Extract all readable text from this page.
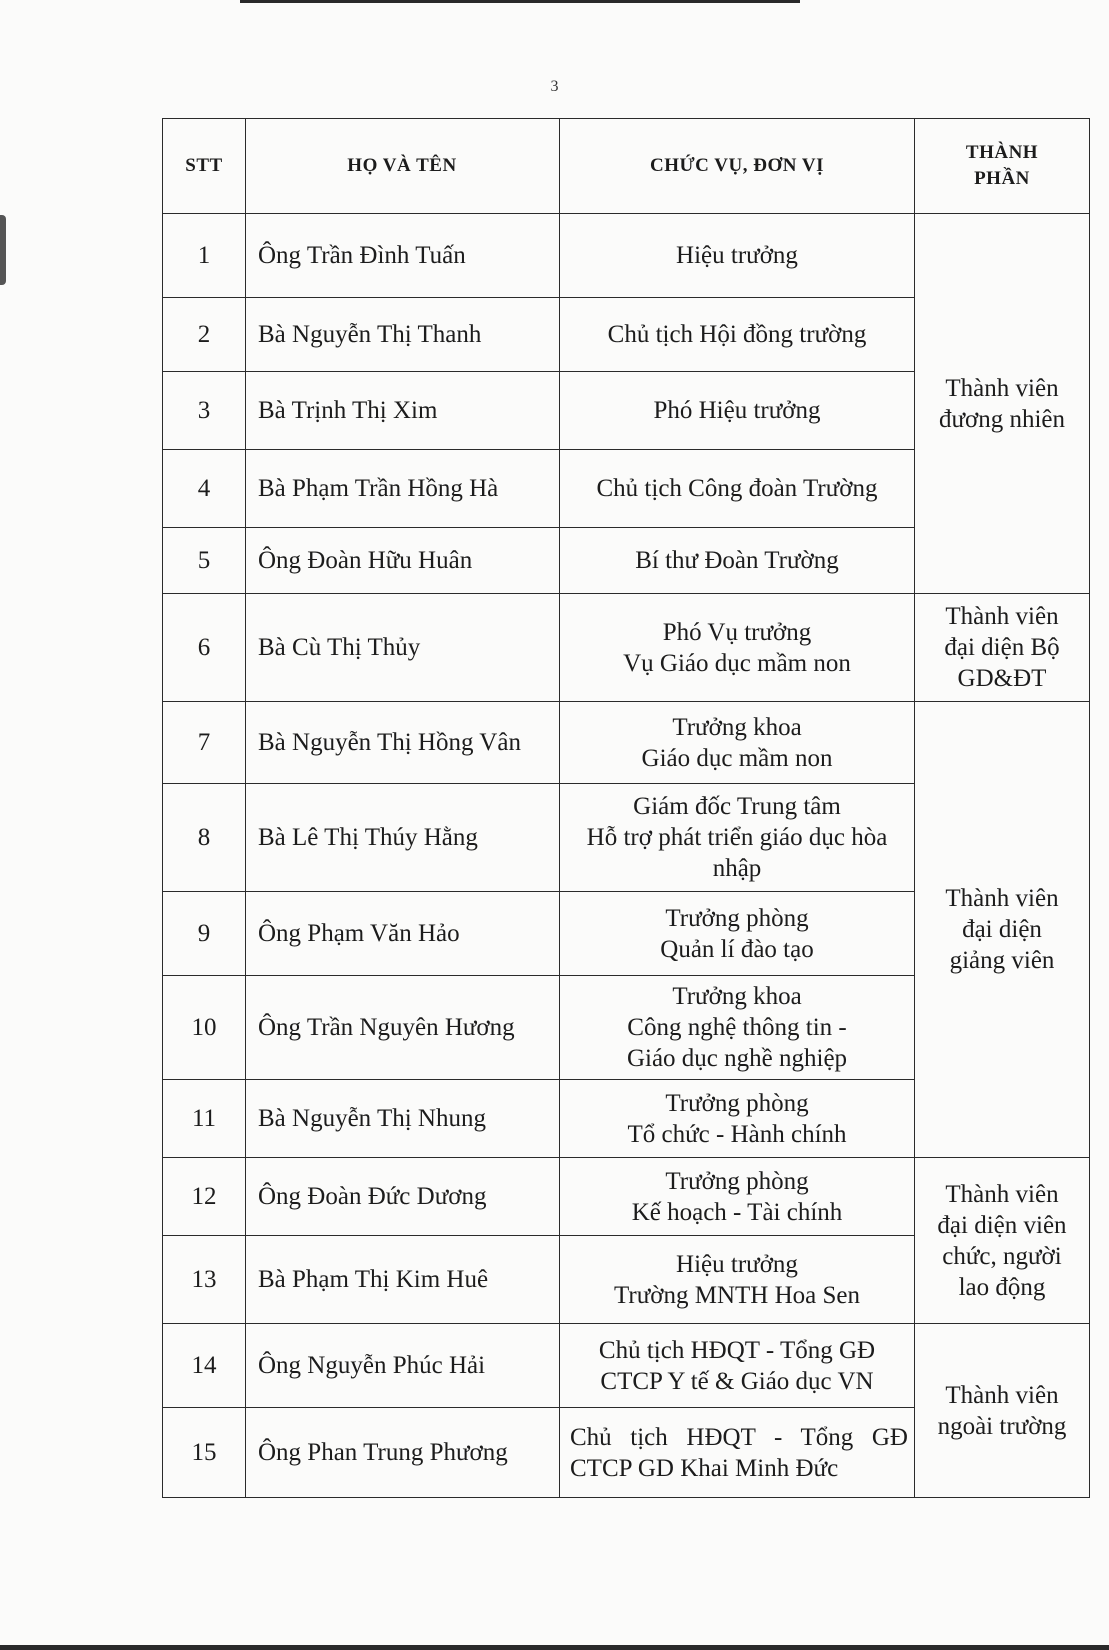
3
STT	HỌ VÀ TÊN	CHỨC VỤ, ĐƠN VỊ	THÀNH
PHẦN

1	Ông Trần Đình Tuấn	Hiệu trưởng	Thành viên
đương nhiên

2	Bà Nguyễn Thị Thanh	Chủ tịch Hội đồng trường	

3	Bà Trịnh Thị Xim	Phó Hiệu trưởng	

4	Bà Phạm Trần Hồng Hà	Chủ tịch Công đoàn Trường	

5	Ông Đoàn Hữu Huân	Bí thư Đoàn Trường	

6	Bà Cù Thị Thủy	Phó Vụ trưởng
Vụ Giáo dục mầm non	Thành viên
đại diện Bộ
GD&ĐT

7	Bà Nguyễn Thị Hồng Vân	Trưởng khoa
Giáo dục mầm non	Thành viên
đại diện
giảng viên

8	Bà Lê Thị Thúy Hằng	Giám đốc Trung tâm
Hỗ trợ phát triển giáo dục hòa
nhập	

9	Ông Phạm Văn Hảo	Trưởng phòng
Quản lí đào tạo	

10	Ông Trần Nguyên Hương	Trưởng khoa
Công nghệ thông tin -
Giáo dục nghề nghiệp	

11	Bà Nguyễn Thị Nhung	Trưởng phòng
Tổ chức - Hành chính	

12	Ông Đoàn Đức Dương	Trưởng phòng
Kế hoạch - Tài chính	Thành viên
đại diện viên
chức, người
lao động

13	Bà Phạm Thị Kim Huê	Hiệu trưởng
Trường MNTH Hoa Sen	

14	Ông Nguyễn Phúc Hải	Chủ tịch HĐQT - Tổng GĐ
CTCP Y tế & Giáo dục VN	Thành viên
ngoài trường

15	Ông Phan Trung Phương	Chủ tịch HĐQT - Tổng GĐ
CTCP GD Khai Minh Đức	
